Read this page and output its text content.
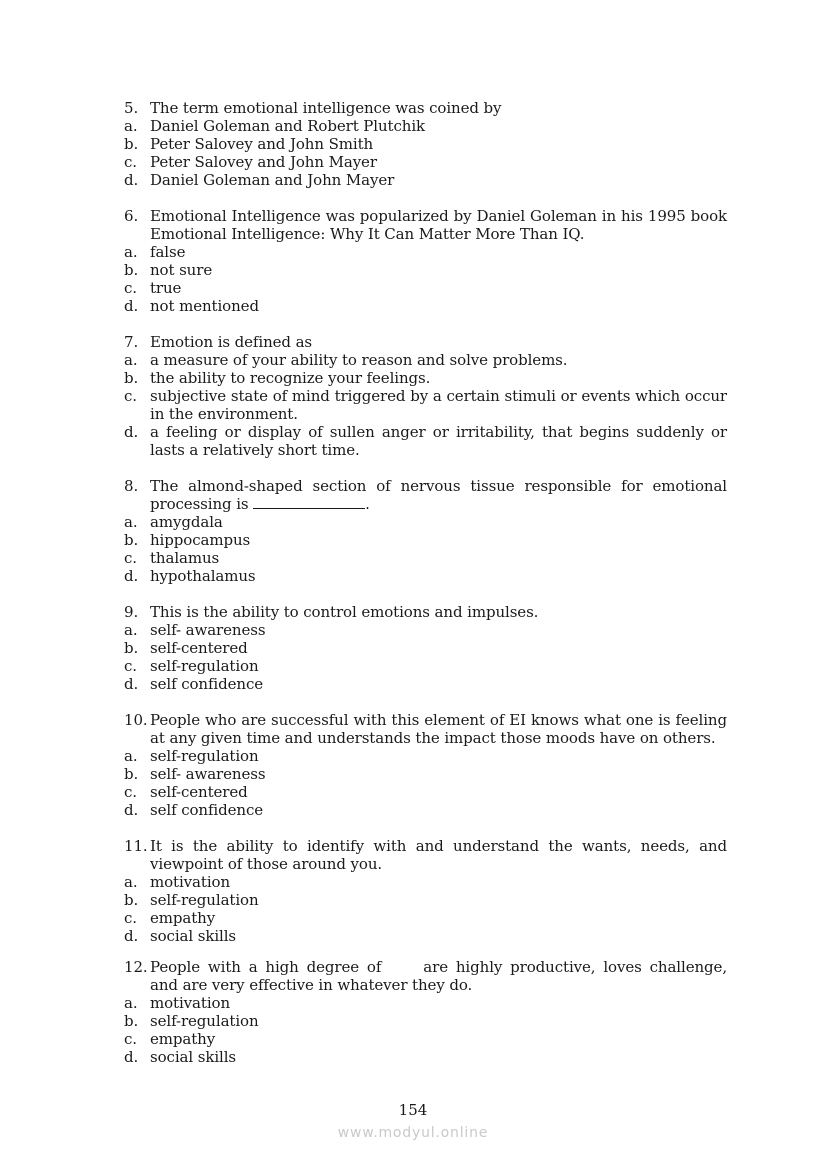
5. The term emotional intelligence was coined by
a. Daniel Goleman and Robert Plutchik
b. Peter Salovey and John Smith
c. Peter Salovey and John Mayer
d. Daniel Goleman and John Mayer
6. Emotional Intelligence was popularized by Daniel Goleman in his 1995 book Emotional Intelligence: Why It Can Matter More Than IQ.
a. false
b. not sure
c. true
d. not mentioned
7. Emotion is defined as
a. a measure of your ability to reason and solve problems.
b. the ability to recognize your feelings.
c. subjective state of mind triggered by a certain stimuli or events which occur in the environment.
d. a feeling or display of sullen anger or irritability, that begins suddenly or lasts a relatively short time.
8. The almond-shaped section of nervous tissue responsible for emotional processing is	.
a. amygdala
b. hippocampus
c. thalamus
d. hypothalamus
9. This is the ability to control emotions and impulses.
a. self- awareness
b. self-centered
c. self-regulation
d. self confidence
10. People who are successful with this element of EI knows what one is feeling at any given time and understands the impact those moods have on others.
a. self-regulation
b. self- awareness
c. self-centered
d. self confidence
11. It is the ability to identify with and understand the wants, needs, and viewpoint of those around you.
a. motivation
b. self-regulation
c. empathy
d. social skills
12. People with a high degree of	are highly productive, loves challenge, and are very effective in whatever they do.
a. motivation
b. self-regulation
c. empathy
d. social skills
154
www.modyul.online
